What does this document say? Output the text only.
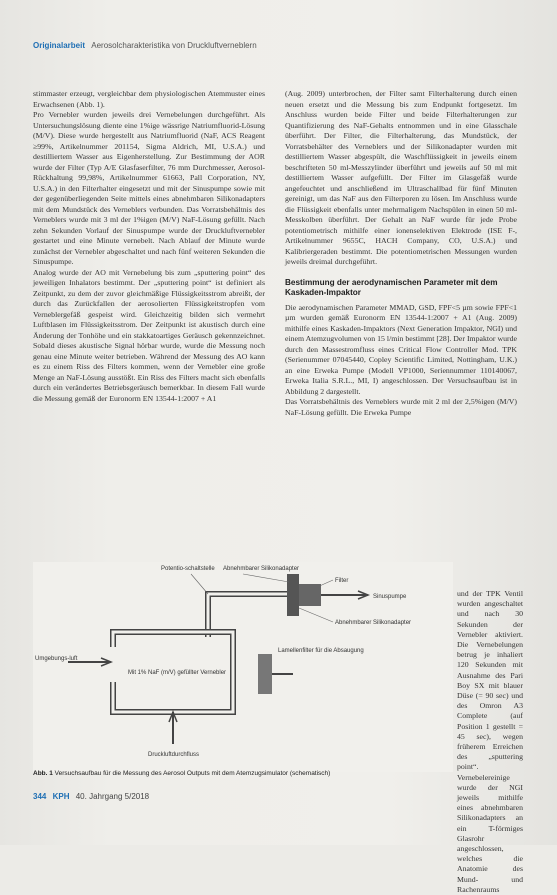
Originalarbeit Aerosolcharakteristika von Druckluftverneblern

stimmaster erzeugt, vergleichbar dem physiologischen Atemmuster eines Erwachsenen (Abb. 1).

Pro Vernebler wurden jeweils drei Vernebelungen durchgeführt. Als Untersuchungslösung diente eine 1%ige wässrige Natriumfluorid-Lösung (M/V). Diese wurde hergestellt aus Natriumfluorid (NaF, ACS Reagent ≥99%, Artikelnummer 201154, Sigma Aldrich, MI, U.S.A.) und destilliertem Wasser aus Eigenherstellung. Zur Bestimmung der AOR wurde der Filter (Typ A/E Glasfaserfilter, 76 mm Durchmesser, Aerosol-Rückhaltung 99,98%, Artikelnummer 61663, Pall Corporation, NY, U.S.A.) in den Filterhalter eingesetzt und mit der Sinuspumpe sowie mit der gegenüberliegenden Seite mittels eines abnehmbaren Silikonadapters mit dem Mundstück des Verneblers verbunden. Das Vorratsbehältnis des Verneblers wurde mit 3 ml der 1%igen (M/V) NaF-Lösung gefüllt. Nach zehn Sekunden Vorlauf der Sinuspumpe wurde der Druckluftvernebler gestartet und eine Minute vernebelt. Nach Ablauf der Minute wurde zunächst der Vernebler abgeschaltet und nach fünf weiteren Sekunden die Sinuspumpe.

Analog wurde der AO mit Vernebelung bis zum „sputtering point“ des jeweiligen Inhalators bestimmt. Der „sputtering point“ ist definiert als Zeitpunkt, zu dem der zuvor gleichmäßige Flüssigkeitsstrom abreißt, der durch das Zurückfallen der aerosolierten Flüssigkeitstropfen vom Verneblergefäß gespeist wird. Gleichzeitig bilden sich vermehrt Luftblasen im Flüssigkeitsstrom. Der Zeitpunkt ist akustisch durch eine Änderung der Tonhöhe und ein stakkatoartiges Geräusch gekennzeichnet. Sobald dieses akustische Signal hörbar wurde, wurde die Messung noch genau eine Minute weiter betrieben. Während der Messung des AO kann es zu einem Riss des Filters kommen, wenn der Vernebler eine große Menge an NaF-Lösung ausstößt. Ein Riss des Filters macht sich ebenfalls durch ein verändertes Betriebsgeräusch bemerkbar. In diesem Fall wurde die Messung gemäß der Euronorm EN 13544-1:2007 + A1

(Aug. 2009) unterbrochen, der Filter samt Filterhalterung durch einen neuen ersetzt und die Messung bis zum Endpunkt fortgesetzt. Im Anschluss wurden beide Filter und beide Filterhalterungen zur Quantifizierung des NaF-Gehalts entnommen und in eine Glasschale überführt. Der Filter, die Filterhalterung, das Mundstück, der Vorratsbehälter des Verneblers und der Silikonadapter wurden mit destilliertem Wasser abgespült, die Waschflüssigkeit in jeweils einem beschrifteten 50 ml-Messzylinder überführt und jeweils auf 50 ml mit destilliertem Wasser aufgefüllt. Der Filter im Glasgefäß wurde angefeuchtet und anschließend im Ultraschallbad für fünf Minuten gereinigt, um das NaF aus den Filterporen zu lösen. Im Anschluss wurde die Flüssigkeit ebenfalls unter mehrmaligem Nachspülen in einen 50 ml-Messkolben überführt. Der Gehalt an NaF wurde für jede Probe potentiometrisch mithilfe einer ionenselektiven Elektrode (ISE F-, Artikelnummer 9655C, HACH Company, CO, U.S.A.) und Kalibriergeraden bestimmt. Die potentiometrischen Messungen wurden jeweils dreimal durchgeführt.

Bestimmung der aerodynamischen Parameter mit dem Kaskaden-Impaktor

Die aerodynamischen Parameter MMAD, GSD, FPF<5 µm sowie FPF<1 µm wurden gemäß Euronorm EN 13544-1:2007 + A1 (Aug. 2009) mithilfe eines Kaskaden-Impaktors (Next Generation Impaktor, NGI) und einem Atemzugvolumen von 15 l/min bestimmt [28]. Der Impaktor wurde durch den Massestromfluss eines Critical Flow Controller Mod. TPK (Serienummer 07045440, Copley Scientific Limited, Nottingham, U.K.) an eine Erweka Pumpe (Modell VP1000, Seriennummer 110140067, Erweka Italia S.R.L., MI, I) angeschlossen. Der Versuchsaufbau ist in Abbildung 2 dargestellt.

Das Vorratsbehältnis des Verneblers wurde mit 2 ml der 2,5%igen (M/V) NaF-Lösung gefüllt. Die Erweka Pumpe

und der TPK Ventil wurden angeschaltet und nach 30 Sekunden der Vernebler aktiviert. Die Vernebelungen betrug je inhaliert 120 Sekunden mit Ausnahme des Pari Boy SX mit blauer Düse (= 90 sec) und des Omron A3 Complete (auf Position 1 gestellt = 45 sec), wegen früherem Erreichen des „sputtering point“. Vernebelereinige wurde der NGI jeweils mithilfe eines abnehmbaren Silikonadapters an ein T-förmiges Glasrohr angeschlossen, welches die Anatomie des Mund- und Rachenraums
Potentio-schaltstelle Abnehmbarer Silikonadapter
Filter
Sinuspumpe
Abnehmbarer Silikonadapter
Umgebungs-luft
Mit 1% NaF (m/V) gefüllter Vernebler
Lamellenfilter für die Absaugung
Druckluftdurchfluss
Abb. 1 Versuchsaufbau für die Messung des Aerosol Outputs mit dem Atemzugsimulator (schematisch)
344 KPH 40. Jahrgang 5/2018
